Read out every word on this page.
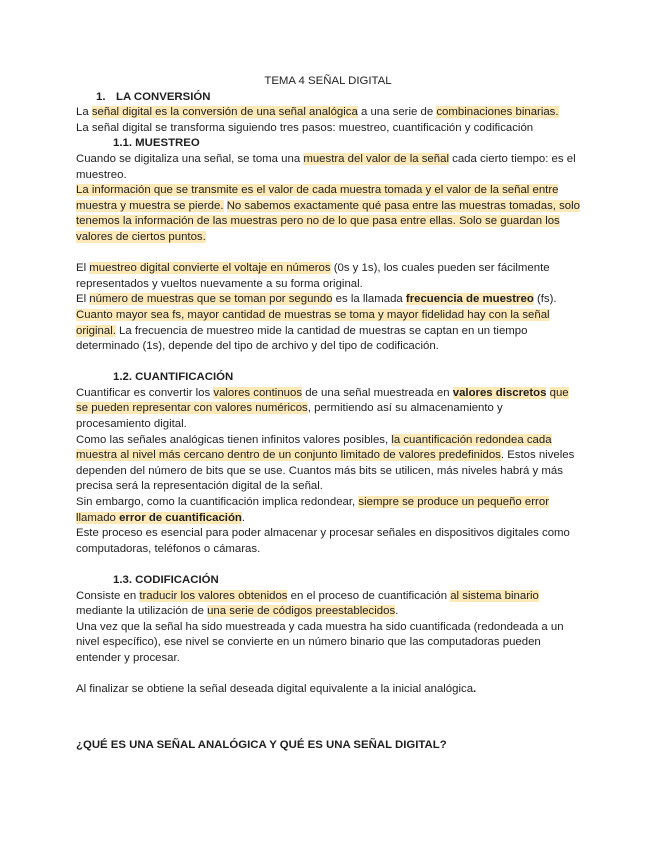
TEMA 4 SEÑAL DIGITAL

1. LA CONVERSIÓN

La señal digital es la conversión de una señal analógica a una serie de combinaciones binarias.

La señal digital se transforma siguiendo tres pasos: muestreo, cuantificación y codificación

1.1. MUESTREO

Cuando se digitaliza una señal, se toma una muestra del valor de la señal cada cierto tiempo: es el muestreo.

La información que se transmite es el valor de cada muestra tomada y el valor de la señal entre muestra y muestra se pierde. No sabemos exactamente qué pasa entre las muestras tomadas, solo tenemos la información de las muestras pero no de lo que pasa entre ellas. Solo se guardan los valores de ciertos puntos.

El muestreo digital convierte el voltaje en números (0s y 1s), los cuales pueden ser fácilmente representados y vueltos nuevamente a su forma original.

El número de muestras que se toman por segundo es la llamada frecuencia de muestreo (fs).

Cuanto mayor sea fs, mayor cantidad de muestras se toma y mayor fidelidad hay con la señal original. La frecuencia de muestreo mide la cantidad de muestras se captan en un tiempo determinado (1s), depende del tipo de archivo y del tipo de codificación.

1.2. CUANTIFICACIÓN

Cuantificar es convertir los valores continuos de una señal muestreada en valores discretos que se pueden representar con valores numéricos, permitiendo así su almacenamiento y procesamiento digital.

Como las señales analógicas tienen infinitos valores posibles, la cuantificación redondea cada muestra al nivel más cercano dentro de un conjunto limitado de valores predefinidos. Estos niveles dependen del número de bits que se use. Cuantos más bits se utilicen, más niveles habrá y más precisa será la representación digital de la señal.

Sin embargo, como la cuantificación implica redondear, siempre se produce un pequeño error llamado error de cuantificación.

Este proceso es esencial para poder almacenar y procesar señales en dispositivos digitales como computadoras, teléfonos o cámaras.

1.3. CODIFICACIÓN

Consiste en traducir los valores obtenidos en el proceso de cuantificación al sistema binario mediante la utilización de una serie de códigos preestablecidos.

Una vez que la señal ha sido muestreada y cada muestra ha sido cuantificada (redondeada a un nivel específico), ese nivel se convierte en un número binario que las computadoras pueden entender y procesar.

Al finalizar se obtiene la señal deseada digital equivalente a la inicial analógica.

¿QUÉ ES UNA SEÑAL ANALÓGICA Y QUÉ ES UNA SEÑAL DIGITAL?
